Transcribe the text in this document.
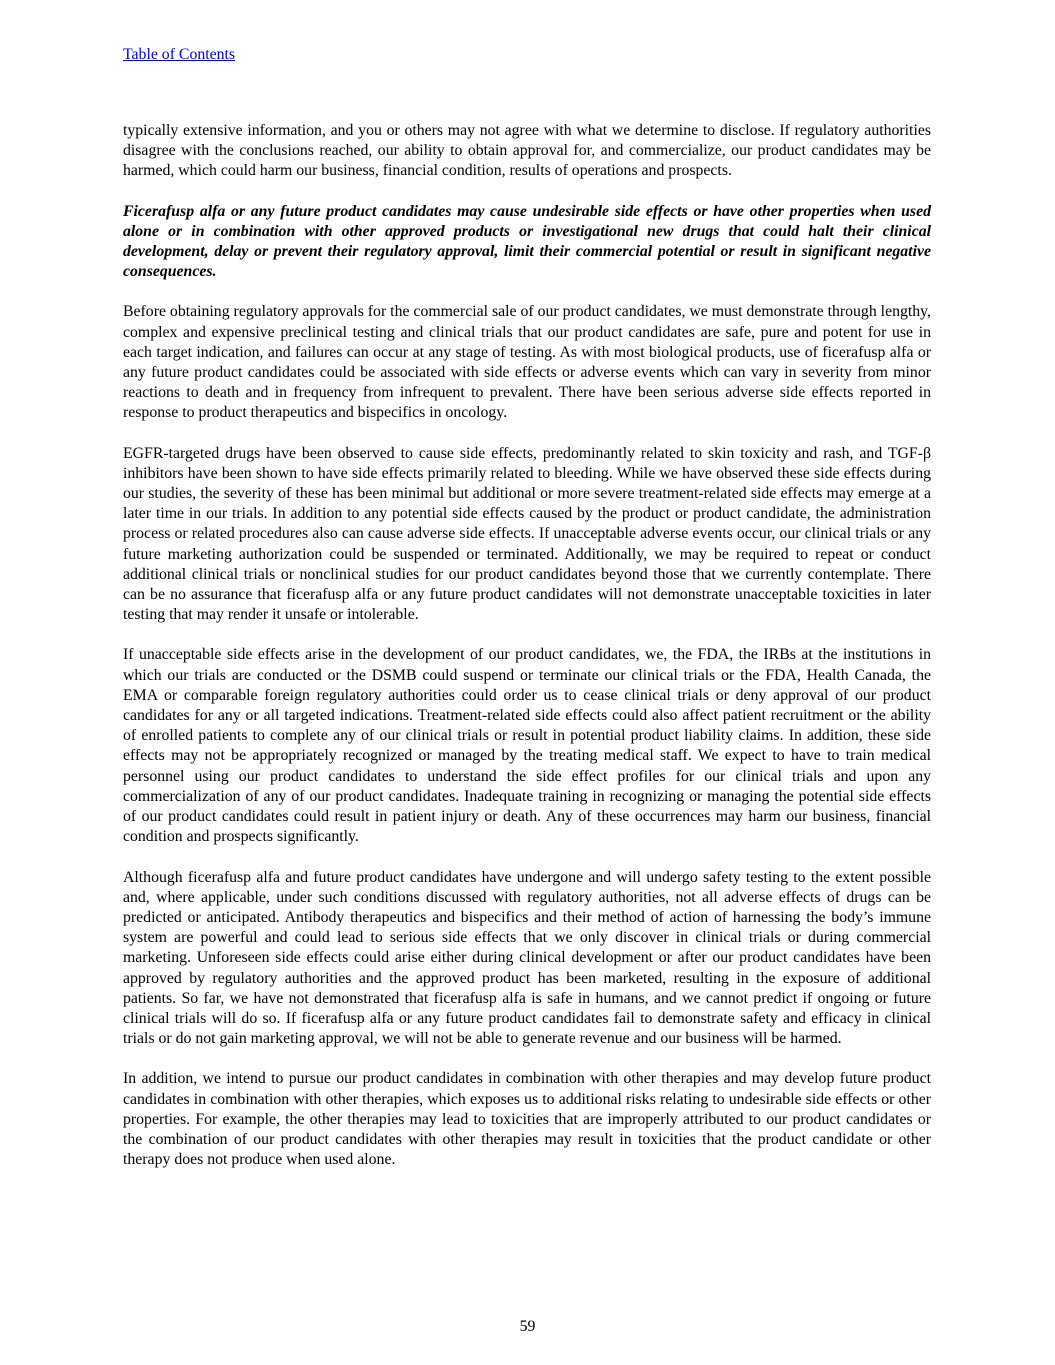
Table of Contents

typically extensive information, and you or others may not agree with what we determine to disclose. If regulatory authorities disagree with the conclusions reached, our ability to obtain approval for, and commercialize, our product candidates may be harmed, which could harm our business, financial condition, results of operations and prospects.

Ficerafusp alfa or any future product candidates may cause undesirable side effects or have other properties when used alone or in combination with other approved products or investigational new drugs that could halt their clinical development, delay or prevent their regulatory approval, limit their commercial potential or result in significant negative consequences.

Before obtaining regulatory approvals for the commercial sale of our product candidates, we must demonstrate through lengthy, complex and expensive preclinical testing and clinical trials that our product candidates are safe, pure and potent for use in each target indication, and failures can occur at any stage of testing. As with most biological products, use of ficerafusp alfa or any future product candidates could be associated with side effects or adverse events which can vary in severity from minor reactions to death and in frequency from infrequent to prevalent. There have been serious adverse side effects reported in response to product therapeutics and bispecifics in oncology.

EGFR-targeted drugs have been observed to cause side effects, predominantly related to skin toxicity and rash, and TGF-β inhibitors have been shown to have side effects primarily related to bleeding. While we have observed these side effects during our studies, the severity of these has been minimal but additional or more severe treatment-related side effects may emerge at a later time in our trials. In addition to any potential side effects caused by the product or product candidate, the administration process or related procedures also can cause adverse side effects. If unacceptable adverse events occur, our clinical trials or any future marketing authorization could be suspended or terminated. Additionally, we may be required to repeat or conduct additional clinical trials or nonclinical studies for our product candidates beyond those that we currently contemplate. There can be no assurance that ficerafusp alfa or any future product candidates will not demonstrate unacceptable toxicities in later testing that may render it unsafe or intolerable.

If unacceptable side effects arise in the development of our product candidates, we, the FDA, the IRBs at the institutions in which our trials are conducted or the DSMB could suspend or terminate our clinical trials or the FDA, Health Canada, the EMA or comparable foreign regulatory authorities could order us to cease clinical trials or deny approval of our product candidates for any or all targeted indications. Treatment-related side effects could also affect patient recruitment or the ability of enrolled patients to complete any of our clinical trials or result in potential product liability claims. In addition, these side effects may not be appropriately recognized or managed by the treating medical staff. We expect to have to train medical personnel using our product candidates to understand the side effect profiles for our clinical trials and upon any commercialization of any of our product candidates. Inadequate training in recognizing or managing the potential side effects of our product candidates could result in patient injury or death. Any of these occurrences may harm our business, financial condition and prospects significantly.

Although ficerafusp alfa and future product candidates have undergone and will undergo safety testing to the extent possible and, where applicable, under such conditions discussed with regulatory authorities, not all adverse effects of drugs can be predicted or anticipated. Antibody therapeutics and bispecifics and their method of action of harnessing the body’s immune system are powerful and could lead to serious side effects that we only discover in clinical trials or during commercial marketing. Unforeseen side effects could arise either during clinical development or after our product candidates have been approved by regulatory authorities and the approved product has been marketed, resulting in the exposure of additional patients. So far, we have not demonstrated that ficerafusp alfa is safe in humans, and we cannot predict if ongoing or future clinical trials will do so. If ficerafusp alfa or any future product candidates fail to demonstrate safety and efficacy in clinical trials or do not gain marketing approval, we will not be able to generate revenue and our business will be harmed.

In addition, we intend to pursue our product candidates in combination with other therapies and may develop future product candidates in combination with other therapies, which exposes us to additional risks relating to undesirable side effects or other properties. For example, the other therapies may lead to toxicities that are improperly attributed to our product candidates or the combination of our product candidates with other therapies may result in toxicities that the product candidate or other therapy does not produce when used alone.

59
